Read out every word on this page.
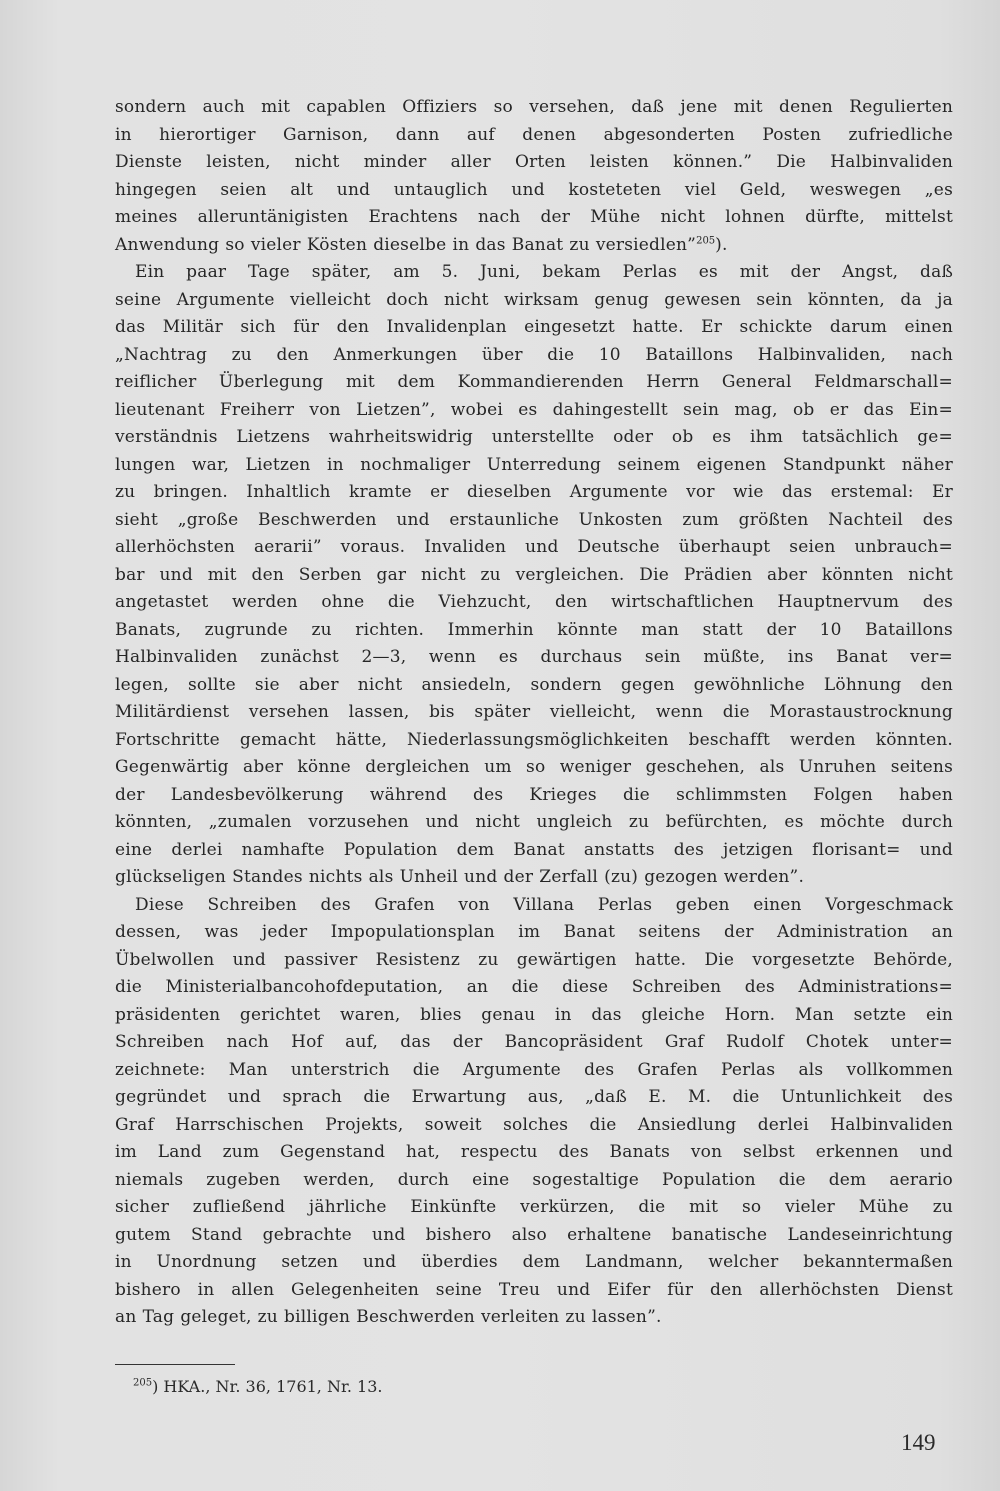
sondern auch mit capablen Offiziers so versehen, daß jene mit denen Regulierten
in hierortiger Garnison, dann auf denen abgesonderten Posten zufriedliche
Dienste leisten, nicht minder aller Orten leisten können.” Die Halbinvaliden
hingegen seien alt und untauglich und kosteteten viel Geld, weswegen „es
meines alleruntänigisten Erachtens nach der Mühe nicht lohnen dürfte, mittelst
Anwendung so vieler Kösten dieselbe in das Banat zu versiedlen”$^{205}$).
Ein paar Tage später, am 5. Juni, bekam Perlas es mit der Angst, daß
seine Argumente vielleicht doch nicht wirksam genug gewesen sein könnten, da ja
das Militär sich für den Invalidenplan eingesetzt hatte. Er schickte darum einen
„Nachtrag zu den Anmerkungen über die 10 Bataillons Halbinvaliden, nach
reiflicher Überlegung mit dem Kommandierenden Herrn General Feldmarschall=
lieutenant Freiherr von Lietzen”, wobei es dahingestellt sein mag, ob er das Ein=
verständnis Lietzens wahrheitswidrig unterstellte oder ob es ihm tatsächlich ge=
lungen war, Lietzen in nochmaliger Unterredung seinem eigenen Standpunkt näher
zu bringen. Inhaltlich kramte er dieselben Argumente vor wie das erstemal: Er
sieht „große Beschwerden und erstaunliche Unkosten zum größten Nachteil des
allerhöchsten aerarii” voraus. Invaliden und Deutsche überhaupt seien unbrauch=
bar und mit den Serben gar nicht zu vergleichen. Die Prädien aber könnten nicht
angetastet werden ohne die Viehzucht, den wirtschaftlichen Hauptnervum des
Banats, zugrunde zu richten. Immerhin könnte man statt der 10 Bataillons
Halbinvaliden zunächst 2—3, wenn es durchaus sein müßte, ins Banat ver=
legen, sollte sie aber nicht ansiedeln, sondern gegen gewöhnliche Löhnung den
Militärdienst versehen lassen, bis später vielleicht, wenn die Morastaustrocknung
Fortschritte gemacht hätte, Niederlassungsmöglichkeiten beschafft werden könnten.
Gegenwärtig aber könne dergleichen um so weniger geschehen, als Unruhen seitens
der Landesbevölkerung während des Krieges die schlimmsten Folgen haben
könnten, „zumalen vorzusehen und nicht ungleich zu befürchten, es möchte durch
eine derlei namhafte Population dem Banat anstatts des jetzigen florisant= und
glückseligen Standes nichts als Unheil und der Zerfall (zu) gezogen werden”.
Diese Schreiben des Grafen von Villana Perlas geben einen Vorgeschmack
dessen, was jeder Impopulationsplan im Banat seitens der Administration an
Übelwollen und passiver Resistenz zu gewärtigen hatte. Die vorgesetzte Behörde,
die Ministerialbancohofdeputation, an die diese Schreiben des Administrations=
präsidenten gerichtet waren, blies genau in das gleiche Horn. Man setzte ein
Schreiben nach Hof auf, das der Bancopräsident Graf Rudolf Chotek unter=
zeichnete: Man unterstrich die Argumente des Grafen Perlas als vollkommen
gegründet und sprach die Erwartung aus, „daß E. M. die Untunlichkeit des
Graf Harrschischen Projekts, soweit solches die Ansiedlung derlei Halbinvaliden
im Land zum Gegenstand hat, respectu des Banats von selbst erkennen und
niemals zugeben werden, durch eine sogestaltige Population die dem aerario
sicher zufließend jährliche Einkünfte verkürzen, die mit so vieler Mühe zu
gutem Stand gebrachte und bishero also erhaltene banatische Landeseinrichtung
in Unordnung setzen und überdies dem Landmann, welcher bekanntermaßen
bishero in allen Gelegenheiten seine Treu und Eifer für den allerhöchsten Dienst
an Tag geleget, zu billigen Beschwerden verleiten zu lassen”.

$^{205}$) HKA., Nr. 36, 1761, Nr. 13.

149
